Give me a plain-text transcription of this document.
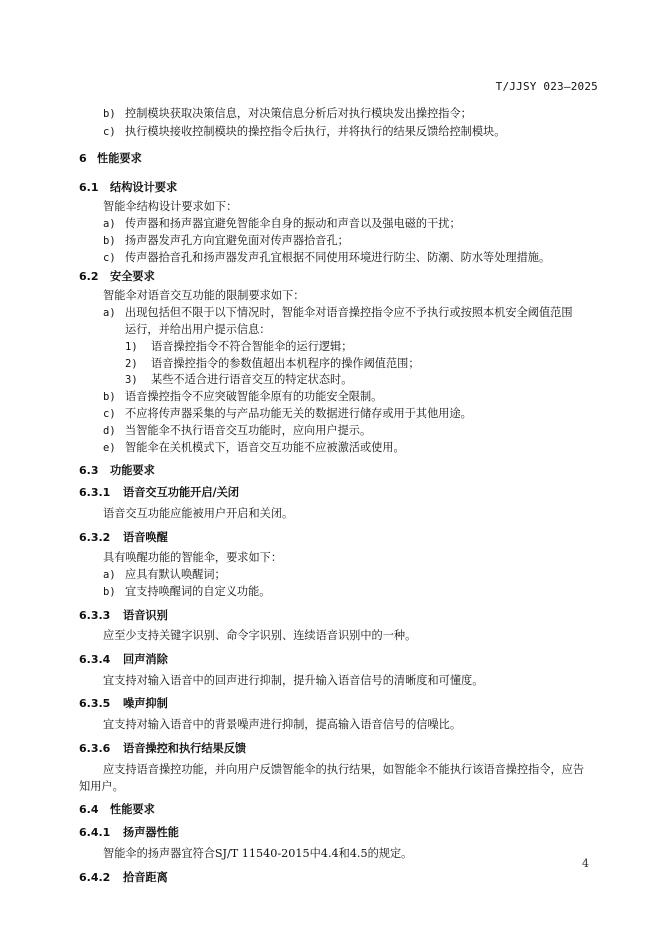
T/JJSY 023—2025
b) 控制模块获取决策信息，对决策信息分析后对执行模块发出操控指令；
c) 执行模块接收控制模块的操控指令后执行，并将执行的结果反馈给控制模块。
6 性能要求
6.1 结构设计要求
智能伞结构设计要求如下：
a) 传声器和扬声器宜避免智能伞自身的振动和声音以及强电磁的干扰；
b) 扬声器发声孔方向宜避免面对传声器拾音孔；
c) 传声器拾音孔和扬声器发声孔宜根据不同使用环境进行防尘、防潮、防水等处理措施。
6.2 安全要求
智能伞对语音交互功能的限制要求如下：
a) 出现包括但不限于以下情况时，智能伞对语音操控指令应不予执行或按照本机安全阈值范围
运行，并给出用户提示信息：
1) 语音操控指令不符合智能伞的运行逻辑；
2) 语音操控指令的参数值超出本机程序的操作阈值范围；
3) 某些不适合进行语音交互的特定状态时。
b) 语音操控指令不应突破智能伞原有的功能安全限制。
c) 不应将传声器采集的与产品功能无关的数据进行储存或用于其他用途。
d) 当智能伞不执行语音交互功能时，应向用户提示。
e) 智能伞在关机模式下，语音交互功能不应被激活或使用。
6.3 功能要求
6.3.1 语音交互功能开启/关闭
语音交互功能应能被用户开启和关闭。
6.3.2 语音唤醒
具有唤醒功能的智能伞，要求如下：
a) 应具有默认唤醒词；
b) 宜支持唤醒词的自定义功能。
6.3.3 语音识别
应至少支持关键字识别、命令字识别、连续语音识别中的一种。
6.3.4 回声消除
宜支持对输入语音中的回声进行抑制，提升输入语音信号的清晰度和可懂度。
6.3.5 噪声抑制
宜支持对输入语音中的背景噪声进行抑制，提高输入语音信号的信噪比。
6.3.6 语音操控和执行结果反馈
应支持语音操控功能，并向用户反馈智能伞的执行结果，如智能伞不能执行该语音操控指令，应告
知用户。
6.4 性能要求
6.4.1 扬声器性能
智能伞的扬声器宜符合SJ/T 11540-2015中4.4和4.5的规定。
6.4.2 拾音距离
4
